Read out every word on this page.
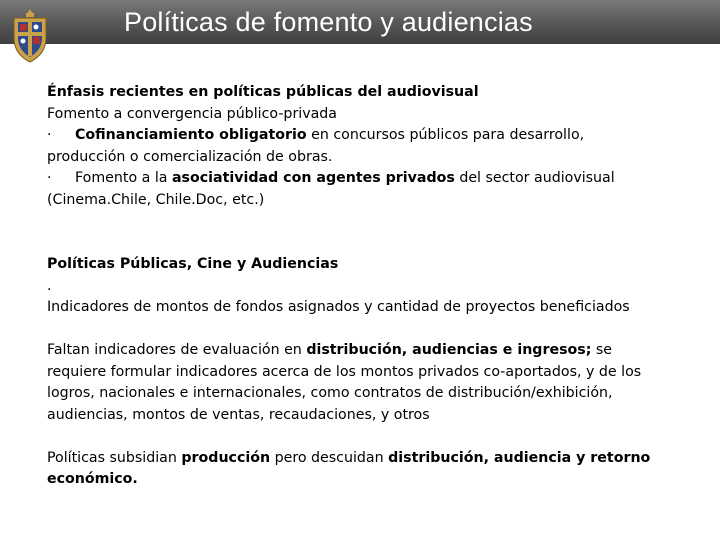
Políticas de fomento y audiencias
Énfasis recientes en políticas públicas del audiovisual
Fomento a convergencia público-privada
· Cofinanciamiento obligatorio en concursos públicos para desarrollo,
producción o comercialización de obras.
· Fomento a la asociatividad con agentes privados del sector audiovisual
(Cinema.Chile, Chile.Doc, etc.)
Políticas Públicas, Cine y Audiencias
.
Indicadores de montos de fondos asignados y cantidad de proyectos beneficiados
Faltan indicadores de evaluación en distribución, audiencias e ingresos; se
requiere formular indicadores acerca de los montos privados co-aportados, y de los
logros, nacionales e internacionales, como contratos de distribución/exhibición,
audiencias, montos de ventas, recaudaciones, y otros
Políticas subsidian producción pero descuidan distribución, audiencia y retorno
económico.
